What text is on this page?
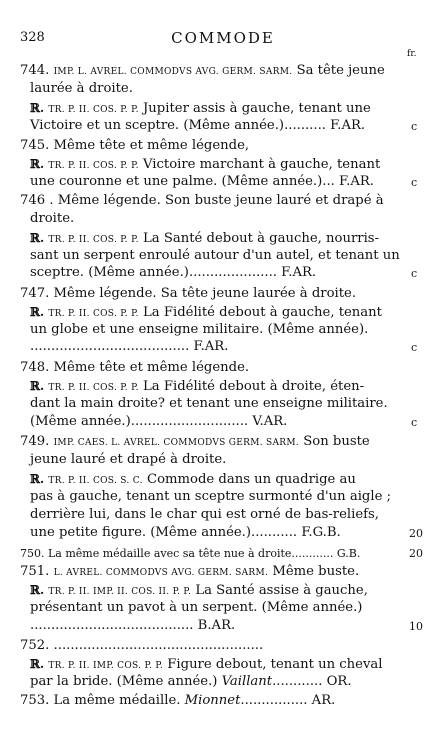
328	COMMODE
fr.
744. IMP. L. AVREL. COMMODVS AVG. GERM. SARM. Sa tête jeune
laurée à droite.
ℝ. TR. P. II. COS. P. P. Jupiter assis à gauche, tenant une
Victoire et un sceptre. (Même année.).......... F.AR.	c
745. Même tête et même légende,
ℝ. TR. P. II. COS. P. P. Victoire marchant à gauche, tenant
une couronne et une palme. (Même année.)... F.AR.	c
746 . Même légende. Son buste jeune lauré et drapé à
droite.
ℝ. TR. P. II. COS. P. P. La Santé debout à gauche, nourris-
sant un serpent enroulé autour d'un autel, et tenant un
sceptre. (Même année.)..................... F.AR.	c
747. Même légende. Sa tête jeune laurée à droite.
ℝ. TR. P. II. COS. P. P. La Fidélité debout à gauche, tenant
un globe et une enseigne militaire. (Même année).
...................................... F.AR.	c
748. Même tête et même légende.
ℝ. TR. P. II. COS. P. P. La Fidélité debout à droite, éten-
dant la main droite? et tenant une enseigne militaire.
(Même année.)............................ V.AR.	c
749. IMP. CAES. L. AVREL. COMMODVS GERM. SARM. Son buste
jeune lauré et drapé à droite.
ℝ. TR. P. II. COS. S. C. Commode dans un quadrige au
pas à gauche, tenant un sceptre surmonté d'un aigle ;
derrière lui, dans le char qui est orné de bas-reliefs,
une petite figure. (Même année.)........... F.G.B.	20
750. La même médaille avec sa tête nue à droite............ G.B.	20
751. L. AVREL. COMMODVS AVG. GERM. SARM. Même buste.
ℝ. TR. P. II. IMP. II. COS. II. P. P. La Santé assise à gauche,
présentant un pavot à un serpent. (Même année.)
....................................... B.AR.	10
752. ..................................................
ℝ. TR. P. II. IMP. COS. P. P. Figure debout, tenant un cheval
par la bride. (Même année.) Vaillant............ OR.
753. La même médaille. Mionnet................ AR.
